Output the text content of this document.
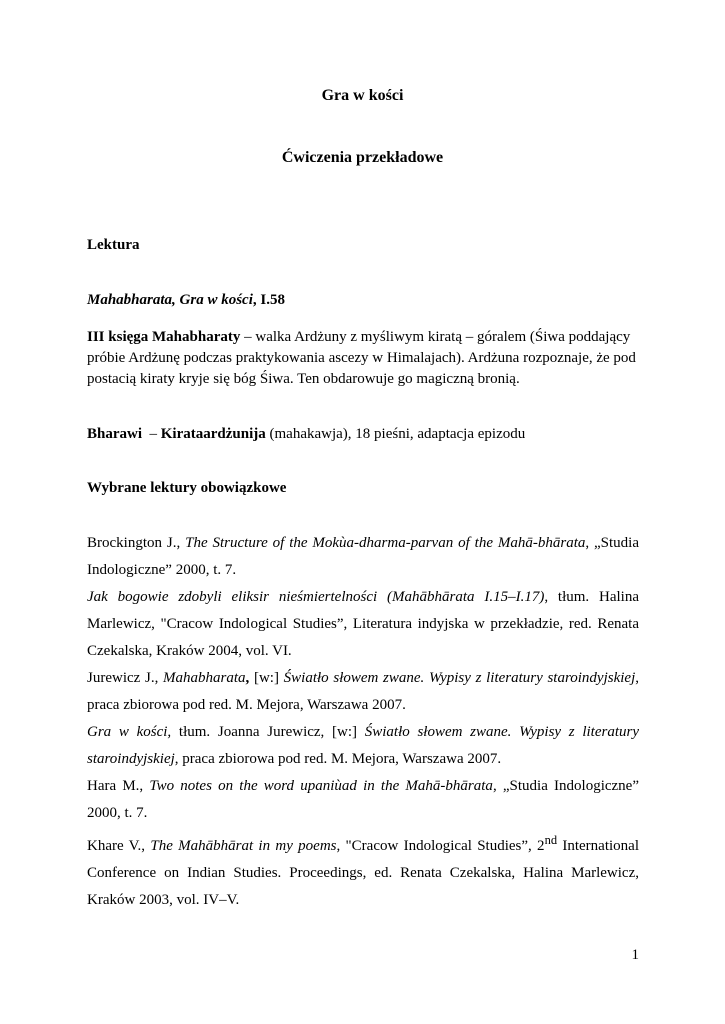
Gra w kości
Ćwiczenia przekładowe
Lektura
Mahabharata, Gra w kości, I.58
III księga Mahabharaty – walka Ardżuny z myśliwym kiratą – góralem (Śiwa poddający próbie Ardżunę podczas praktykowania ascezy w Himalajach). Ardżuna rozpoznaje, że pod postacią kiraty kryje się bóg Śiwa. Ten obdarowuje go magiczną bronią.
Bharawi  – Kirataardżunija (mahakawja), 18 pieśni, adaptacja epizodu
Wybrane lektury obowiązkowe

Brockington J., The Structure of the Mokùa-dharma-parvan of the Mahā-bhārata, „Studia Indologiczne” 2000, t. 7.

Jak bogowie zdobyli eliksir nieśmiertelności (Mahābhārata I.15–I.17), tłum. Halina Marlewicz, "Cracow Indological Studies”, Literatura indyjska w przekładzie, red. Renata Czekalska, Kraków 2004, vol. VI.

Jurewicz J., Mahabharata, [w:] Światło słowem zwane. Wypisy z literatury staroindyjskiej, praca zbiorowa pod red. M. Mejora, Warszawa 2007.

Gra w kości, tłum. Joanna Jurewicz, [w:] Światło słowem zwane. Wypisy z literatury staroindyjskiej, praca zbiorowa pod red. M. Mejora, Warszawa 2007.

Hara M., Two notes on the word upaniùad in the Mahā-bhārata, „Studia Indologiczne” 2000, t. 7.

Khare V., The Mahābhārat in my poems, "Cracow Indological Studies”, 2nd International Conference on Indian Studies. Proceedings, ed. Renata Czekalska, Halina Marlewicz, Kraków 2003, vol. IV–V.

1
